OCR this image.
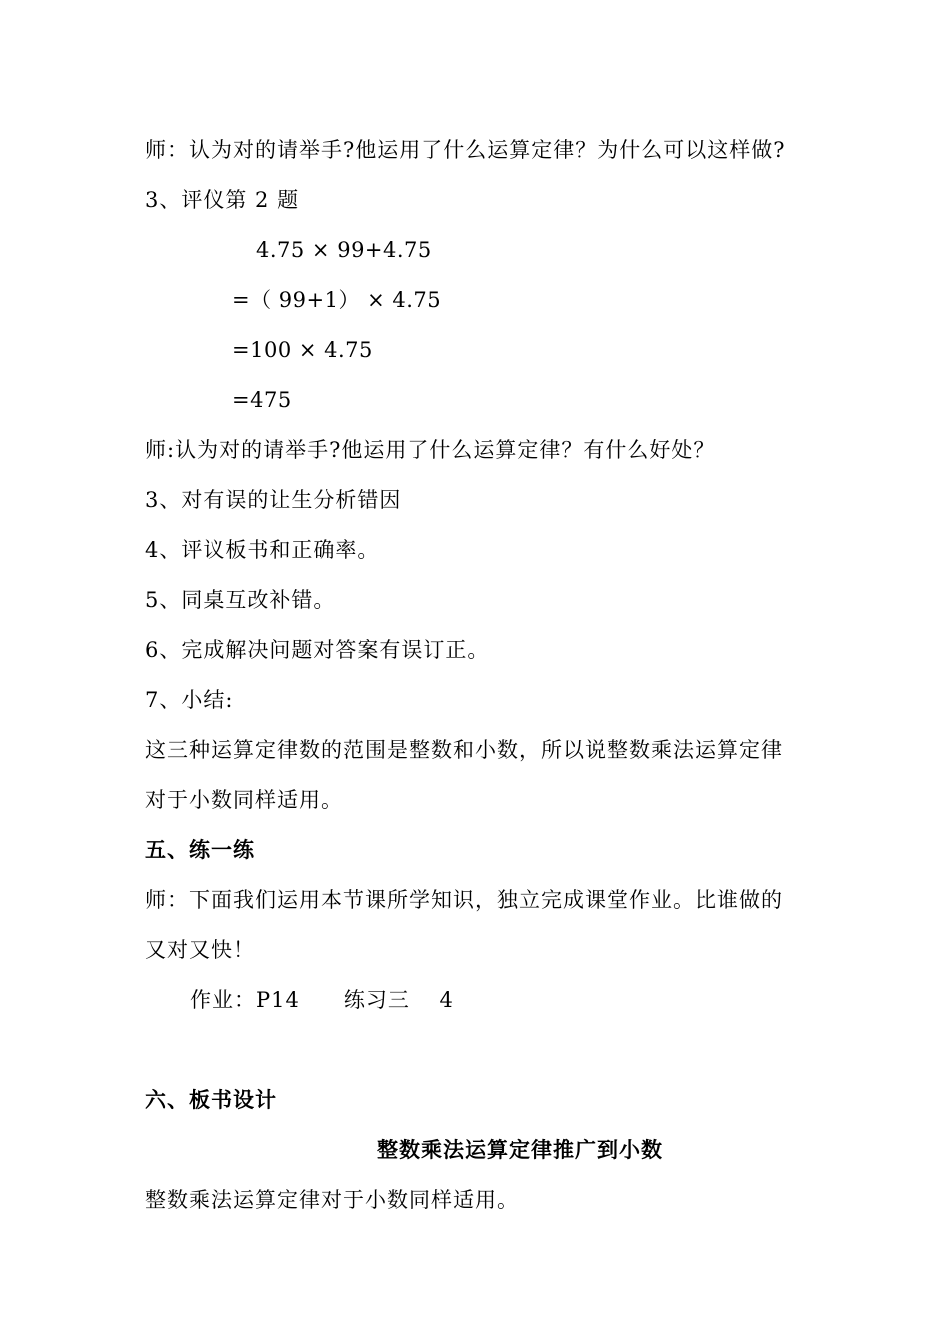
师：认为对的请举手?他运用了什么运算定律？为什么可以这样做?
3、评仪第 2 题
4.75 × 99+4.75
=（ 99+1） × 4.75
=100 × 4.75
=475
师:认为对的请举手?他运用了什么运算定律？有什么好处？
3、对有误的让生分析错因
4、评议板书和正确率。
5、同桌互改补错。
6、完成解决问题对答案有误订正。
7、小结:
这三种运算定律数的范围是整数和小数，所以说整数乘法运算定律
对于小数同样适用。
五、练一练
师：下面我们运用本节课所学知识，独立完成课堂作业。比谁做的
又对又快！
作业：P14　　练习三　 4
六、板书设计
整数乘法运算定律推广到小数
整数乘法运算定律对于小数同样适用。
